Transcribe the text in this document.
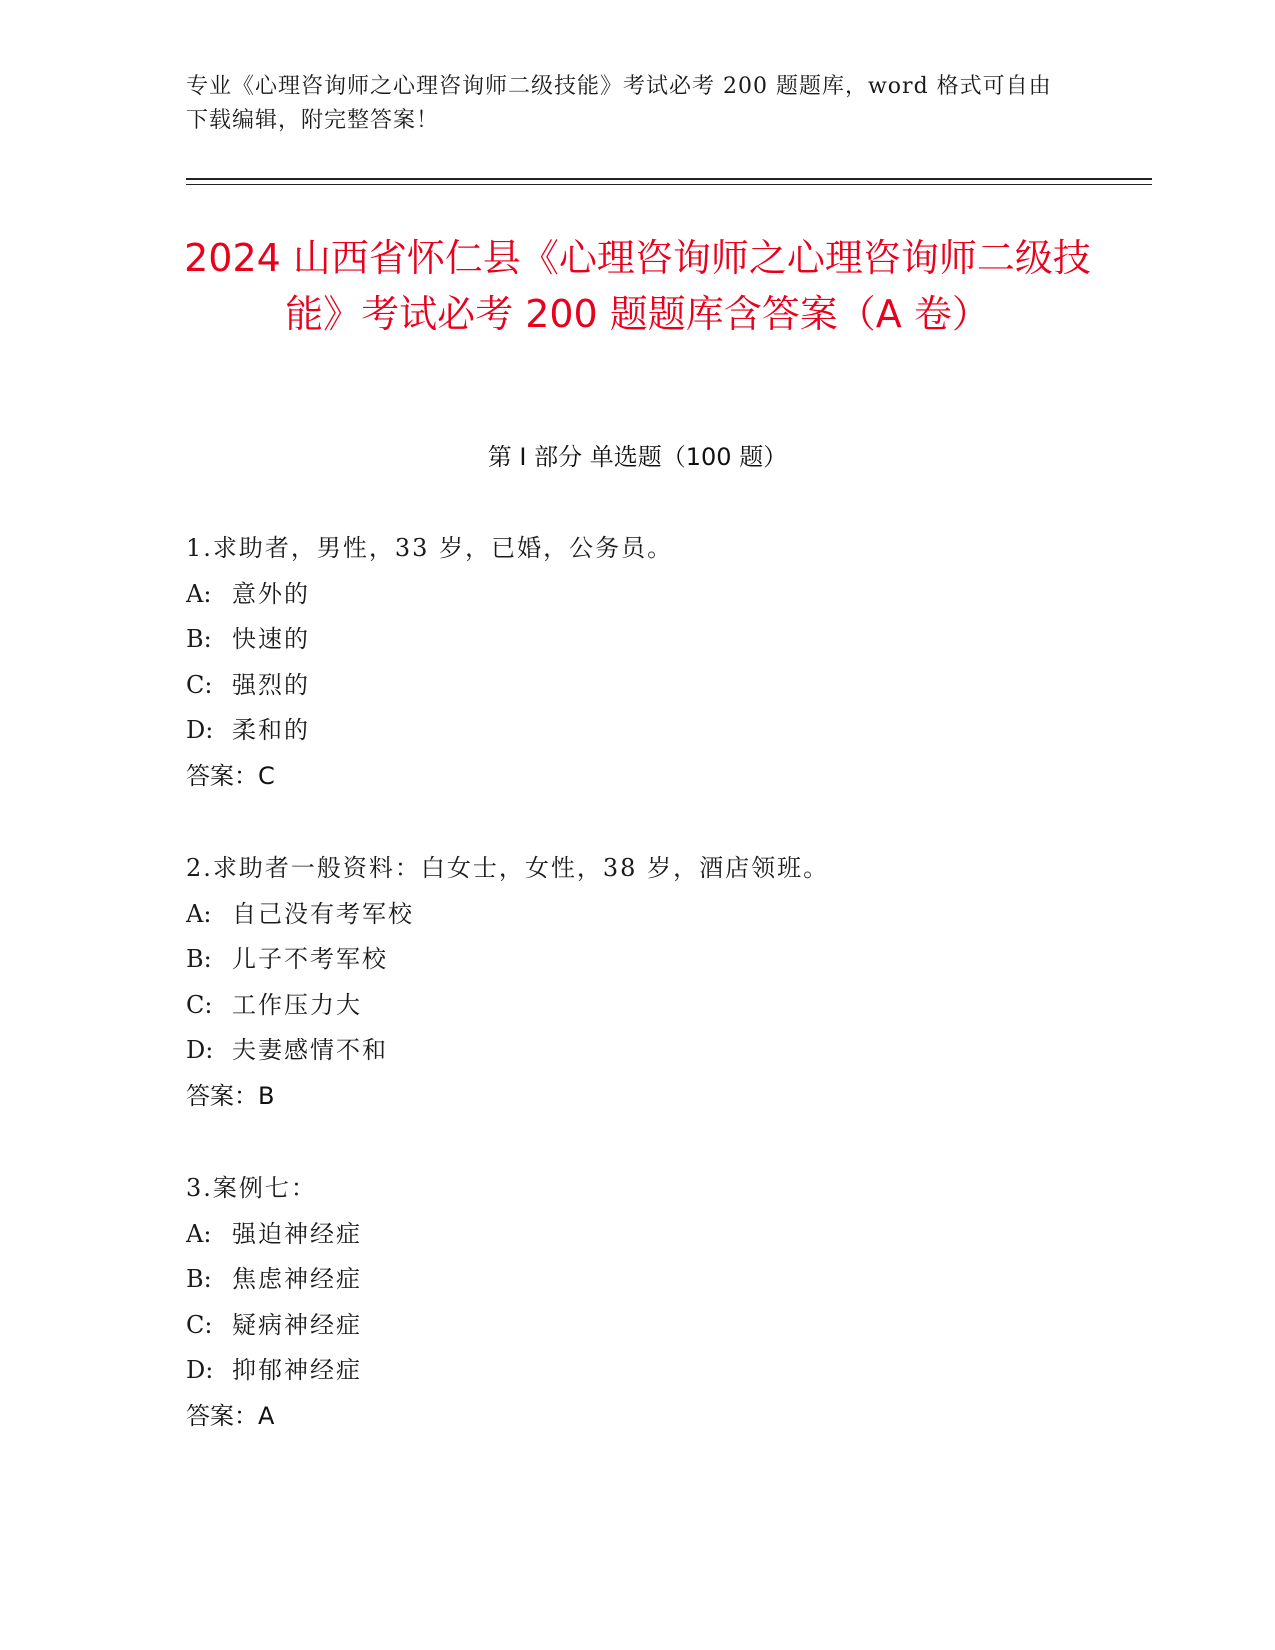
专业《心理咨询师之心理咨询师二级技能》考试必考 200 题题库，word 格式可自由下载编辑，附完整答案！
2024 山西省怀仁县《心理咨询师之心理咨询师二级技能》考试必考 200 题题库含答案（A 卷）
第 I 部分 单选题（100 题）
1.求助者，男性，33 岁，已婚，公务员。
A: 意外的
B: 快速的
C: 强烈的
D: 柔和的
答案：C
2.求助者一般资料：白女士，女性，38 岁，酒店领班。
A: 自己没有考军校
B: 儿子不考军校
C: 工作压力大
D: 夫妻感情不和
答案：B
3.案例七：
A: 强迫神经症
B: 焦虑神经症
C: 疑病神经症
D: 抑郁神经症
答案：A
